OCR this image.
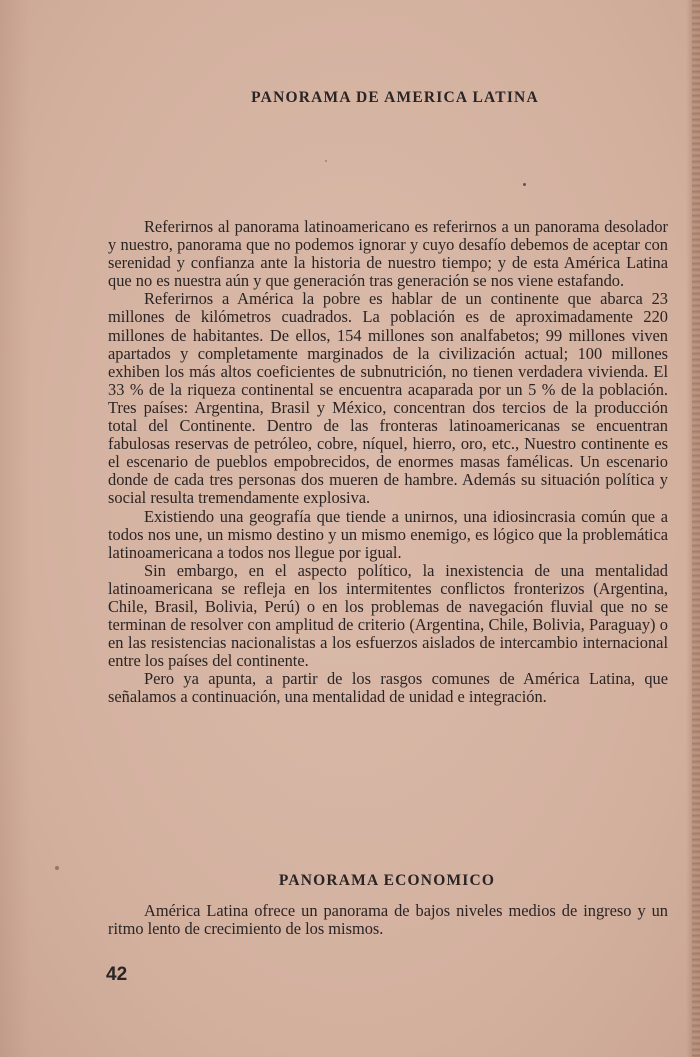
PANORAMA DE AMERICA LATINA

Referirnos al panorama latinoamericano es referirnos a un panorama desolador y nuestro, panorama que no podemos ignorar y cuyo desafío debemos de aceptar con serenidad y confianza ante la historia de nuestro tiempo; y de esta América Latina que no es nuestra aún y que generación tras generación se nos viene estafando.

Referirnos a América la pobre es hablar de un continente que abarca 23 millones de kilómetros cuadrados. La población es de aproximadamente 220 millones de habitantes. De ellos, 154 millones son analfabetos; 99 millones viven apartados y completamente marginados de la civilización actual; 100 millones exhiben los más altos coeficientes de subnutrición, no tienen verdadera vivienda. El 33 % de la riqueza continental se encuentra acaparada por un 5 % de la población. Tres países: Argentina, Brasil y México, concentran dos tercios de la producción total del Continente. Dentro de las fronteras latinoamericanas se encuentran fabulosas reservas de petróleo, cobre, níquel, hierro, oro, etc., Nuestro continente es el escenario de pueblos empobrecidos, de enormes masas famélicas. Un escenario donde de cada tres personas dos mueren de hambre. Además su situación política y social resulta tremendamente explosiva.

Existiendo una geografía que tiende a unirnos, una idiosincrasia común que a todos nos une, un mismo destino y un mismo enemigo, es lógico que la problemática latinoamericana a todos nos llegue por igual.

Sin embargo, en el aspecto político, la inexistencia de una mentalidad latinoamericana se refleja en los intermitentes conflictos fronterizos (Argentina, Chile, Brasil, Bolivia, Perú) o en los problemas de navegación fluvial que no se terminan de resolver con amplitud de criterio (Argentina, Chile, Bolivia, Paraguay) o en las resistencias nacionalistas a los esfuerzos aislados de intercambio internacional entre los países del continente.

Pero ya apunta, a partir de los rasgos comunes de América Latina, que señalamos a continuación, una mentalidad de unidad e integración.

PANORAMA ECONOMICO

América Latina ofrece un panorama de bajos niveles medios de ingreso y un ritmo lento de crecimiento de los mismos.

42
